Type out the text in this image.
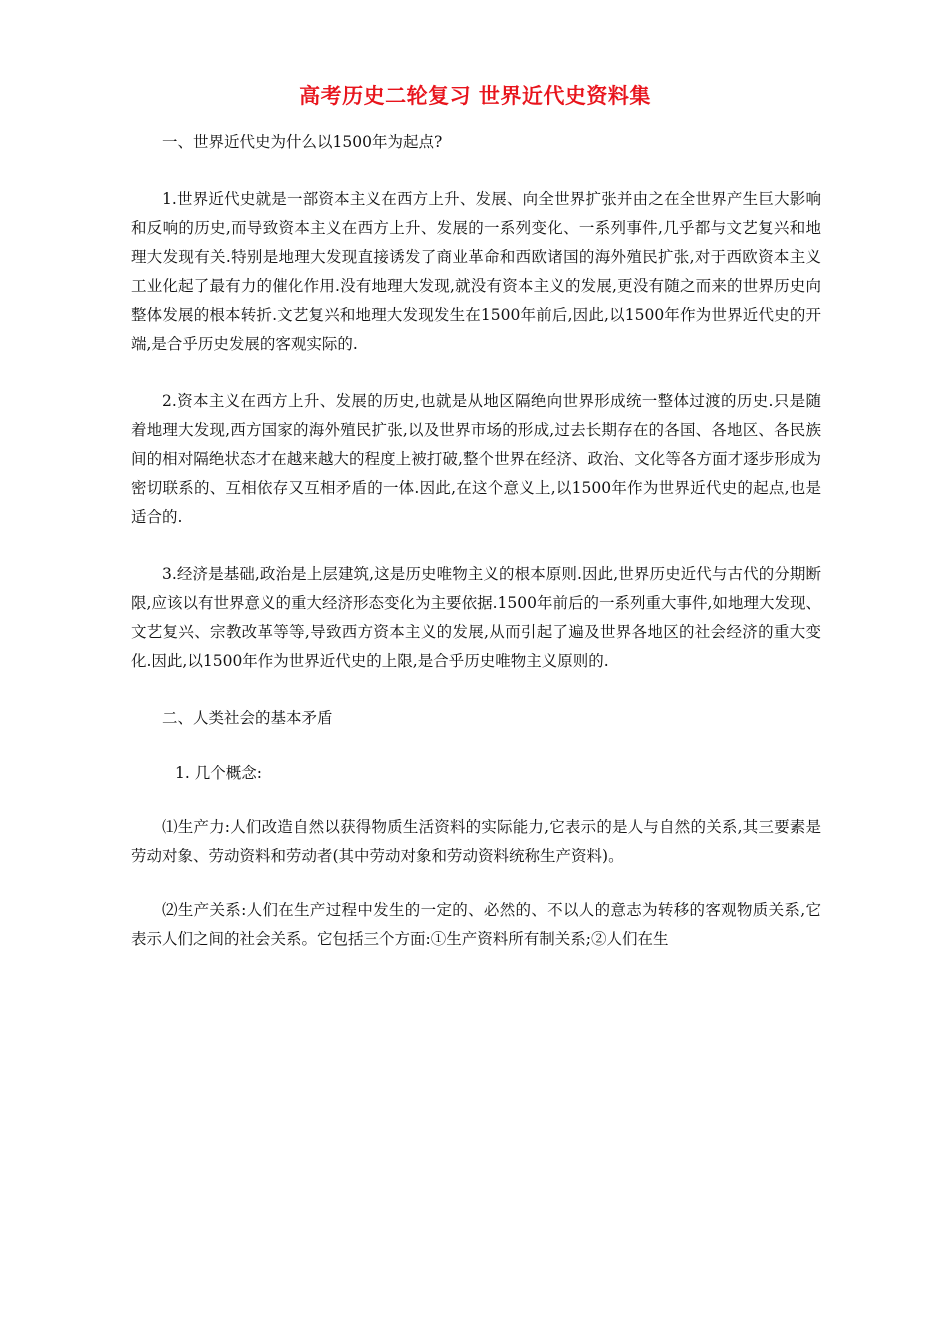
高考历史二轮复习 世界近代史资料集

一、世界近代史为什么以1500年为起点?

1.世界近代史就是一部资本主义在西方上升、发展、向全世界扩张并由之在全世界产生巨大影响和反响的历史,而导致资本主义在西方上升、发展的一系列变化、一系列事件,几乎都与文艺复兴和地理大发现有关.特别是地理大发现直接诱发了商业革命和西欧诸国的海外殖民扩张,对于西欧资本主义工业化起了最有力的催化作用.没有地理大发现,就没有资本主义的发展,更没有随之而来的世界历史向整体发展的根本转折.文艺复兴和地理大发现发生在1500年前后,因此,以1500年作为世界近代史的开端,是合乎历史发展的客观实际的.

2.资本主义在西方上升、发展的历史,也就是从地区隔绝向世界形成统一整体过渡的历史.只是随着地理大发现,西方国家的海外殖民扩张,以及世界市场的形成,过去长期存在的各国、各地区、各民族间的相对隔绝状态才在越来越大的程度上被打破,整个世界在经济、政治、文化等各方面才逐步形成为密切联系的、互相依存又互相矛盾的一体.因此,在这个意义上,以1500年作为世界近代史的起点,也是适合的.

3.经济是基础,政治是上层建筑,这是历史唯物主义的根本原则.因此,世界历史近代与古代的分期断限,应该以有世界意义的重大经济形态变化为主要依据.1500年前后的一系列重大事件,如地理大发现、文艺复兴、宗教改革等等,导致西方资本主义的发展,从而引起了遍及世界各地区的社会经济的重大变化.因此,以1500年作为世界近代史的上限,是合乎历史唯物主义原则的.

二、人类社会的基本矛盾

1. 几个概念:

⑴生产力:人们改造自然以获得物质生活资料的实际能力,它表示的是人与自然的关系,其三要素是劳动对象、劳动资料和劳动者(其中劳动对象和劳动资料统称生产资料)。

⑵生产关系:人们在生产过程中发生的一定的、必然的、不以人的意志为转移的客观物质关系,它表示人们之间的社会关系。它包括三个方面:①生产资料所有制关系;②人们在生
